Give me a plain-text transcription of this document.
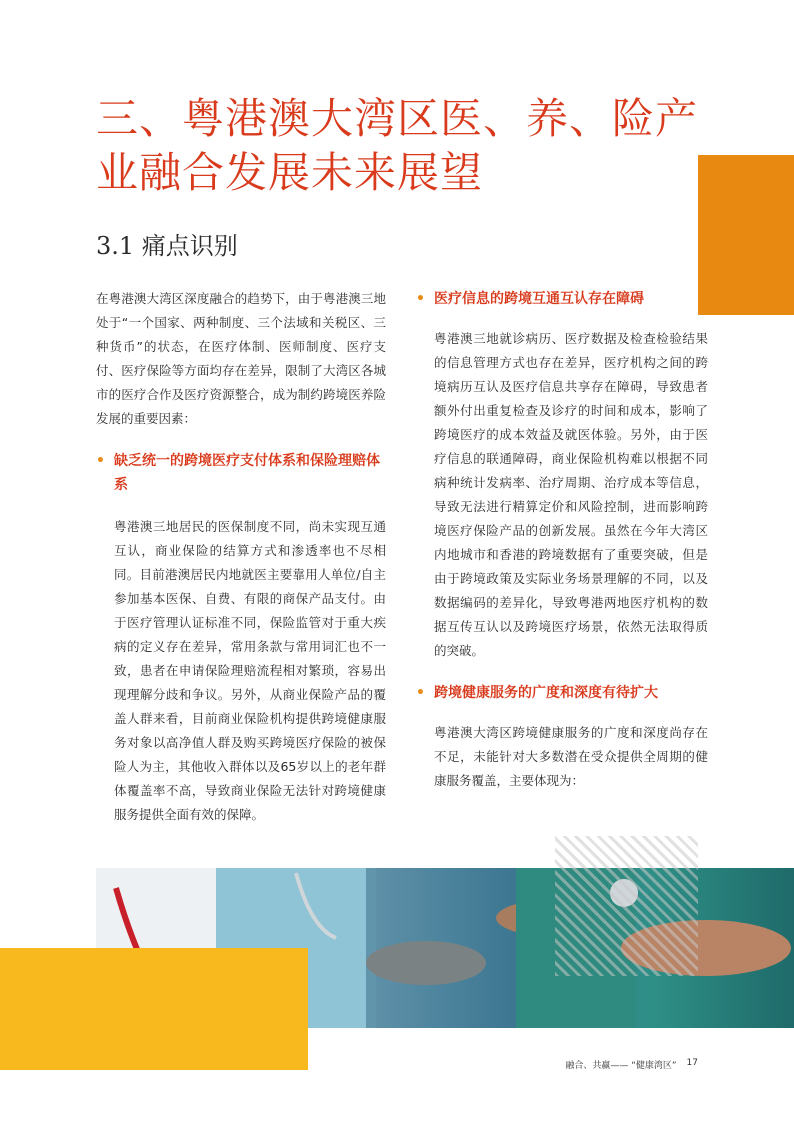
三、粤港澳大湾区医、养、险产业融合发展未来展望
3.1 痛点识别

在粤港澳大湾区深度融合的趋势下，由于粤港澳三地处于“一个国家、两种制度、三个法域和关税区、三种货币”的状态，在医疗体制、医师制度、医疗支付、医疗保险等方面均存在差异，限制了大湾区各城市的医疗合作及医疗资源整合，成为制约跨境医养险发展的重要因素：

• 缺乏统一的跨境医疗支付体系和保险理赔体系

粤港澳三地居民的医保制度不同，尚未实现互通互认，商业保险的结算方式和渗透率也不尽相同。目前港澳居民内地就医主要靠用人单位/自主参加基本医保、自费、有限的商保产品支付。由于医疗管理认证标准不同，保险监管对于重大疾病的定义存在差异，常用条款与常用词汇也不一致，患者在申请保险理赔流程相对繁琐，容易出现理解分歧和争议。另外，从商业保险产品的覆盖人群来看，目前商业保险机构提供跨境健康服务对象以高净值人群及购买跨境医疗保险的被保险人为主，其他收入群体以及65岁以上的老年群体覆盖率不高，导致商业保险无法针对跨境健康服务提供全面有效的保障。

• 医疗信息的跨境互通互认存在障碍

粤港澳三地就诊病历、医疗数据及检查检验结果的信息管理方式也存在差异，医疗机构之间的跨境病历互认及医疗信息共享存在障碍，导致患者额外付出重复检查及诊疗的时间和成本，影响了跨境医疗的成本效益及就医体验。另外，由于医疗信息的联通障碍，商业保险机构难以根据不同病种统计发病率、治疗周期、治疗成本等信息，导致无法进行精算定价和风险控制，进而影响跨境医疗保险产品的创新发展。虽然在今年大湾区内地城市和香港的跨境数据有了重要突破，但是由于跨境政策及实际业务场景理解的不同，以及数据编码的差异化，导致粤港两地医疗机构的数据互传互认以及跨境医疗场景，依然无法取得质的突破。

• 跨境健康服务的广度和深度有待扩大

粤港澳大湾区跨境健康服务的广度和深度尚存在不足，未能针对大多数潜在受众提供全周期的健康服务覆盖，主要体现为：

融合、共赢—— “健康湾区” 17
